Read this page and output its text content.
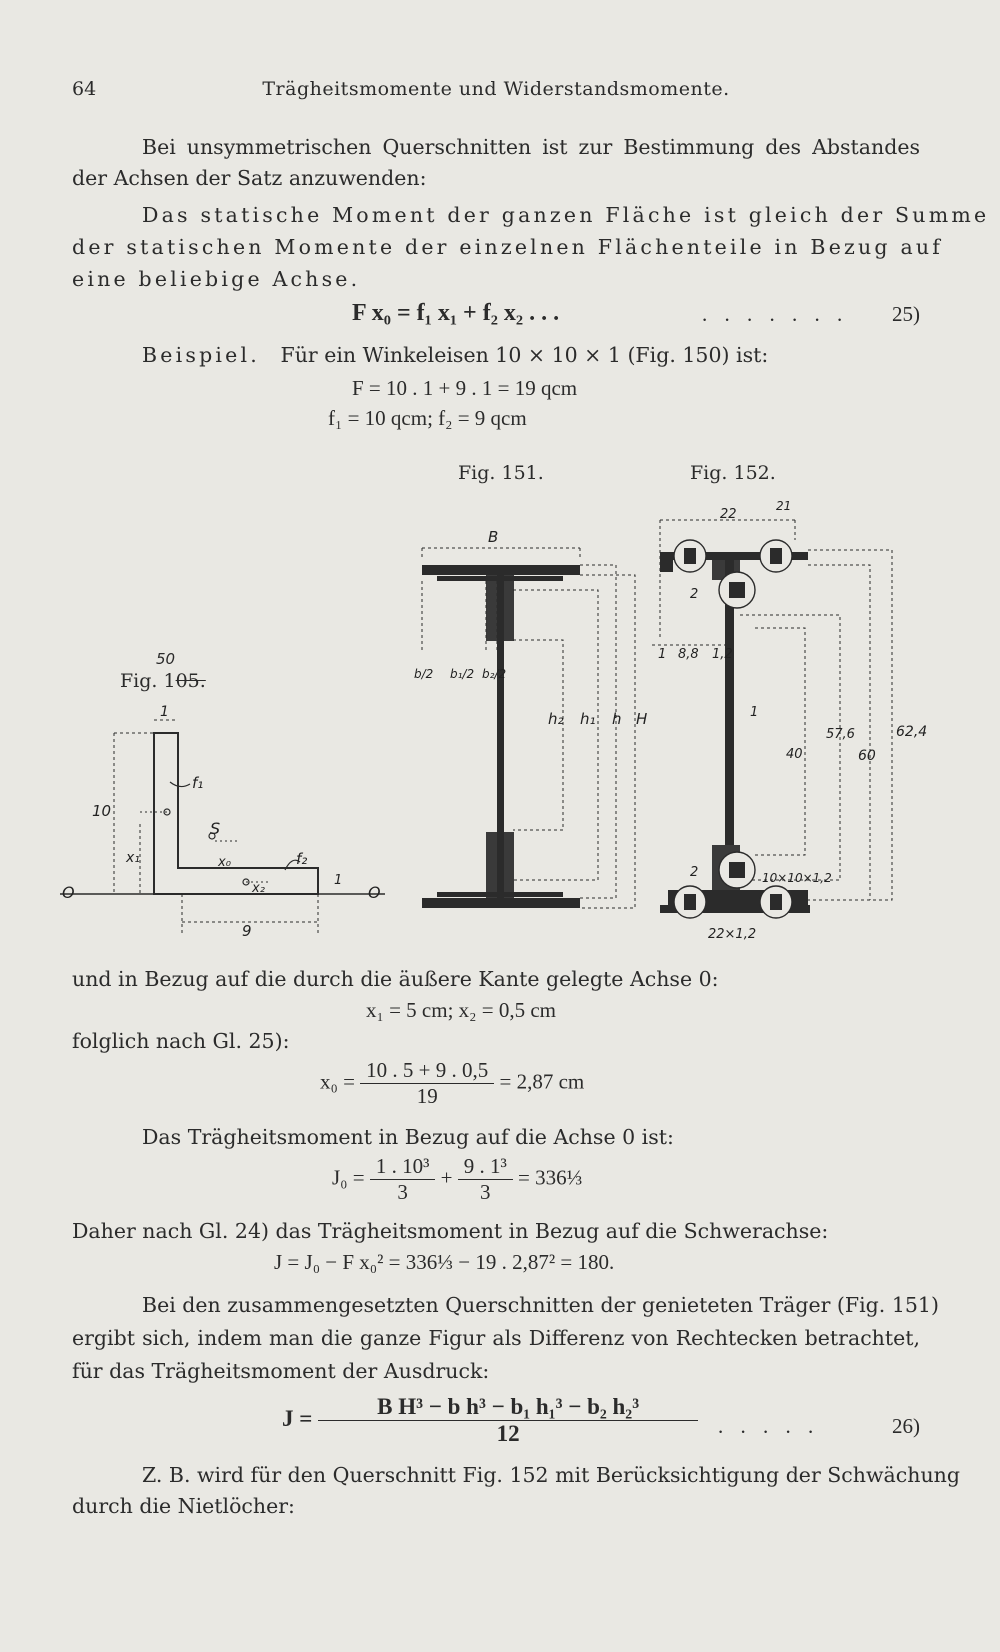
64	Trägheitsmomente und Widerstandsmomente.
Bei unsymmetrischen Querschnitten ist zur Bestimmung des Abstandes
der Achsen der Satz anzuwenden:
Das statische Moment der ganzen Fläche ist gleich der Summe
der statischen Momente der einzelnen Flächenteile in Bezug auf
eine beliebige Achse.
F x₀ = f₁ x₁ + f₂ x₂ . . .	. . . . . . . 25)
Beispiel. Für ein Winkeleisen 10 × 10 × 1 (Fig. 150) ist:
F = 10 . 1 + 9 . 1 = 19 qcm
f₁ = 10 qcm; f₂ = 9 qcm
Fig. 151.	Fig. 152.
Fig. 105.
50
1
f₁
10
x₁
S
x₀	f₂
x₂
1
O	O
9
B
b/2 b₁/2 b₂/2
h₂ h₁ h H
22
21
2
1 8,8 1,2
1
40
57,6
60
62,4
10×10×1,2
2
22×1,2
und in Bezug auf die durch die äußere Kante gelegte Achse 0:
x₁ = 5 cm; x₂ = 0,5 cm
folglich nach Gl. 25):
$x_0 = \frac{10 . 5 + 9 . 0,5}{19} = 2,87$ cm
Das Trägheitsmoment in Bezug auf die Achse 0 ist:
$J_0 = \frac{\text{1 . 10³}}{3} + \frac{\text{9 . 1³}}{3}$ = 336⅓
Daher nach Gl. 24) das Trägheitsmoment in Bezug auf die Schwerachse:
J = J₀ − F x₀² = 336⅓ − 19 . 2,87² = 180.
Bei den zusammengesetzten Querschnitten der genieteten Träger (Fig. 151)
ergibt sich, indem man die ganze Figur als Differenz von Rechtecken betrachtet,
für das Trägheitsmoment der Ausdruck:
$J = \frac{\text{B H³ − b h³ − b₁ h₁³ − b₂ h₂³}}{12}$ . . . . .	26)
Z. B. wird für den Querschnitt Fig. 152 mit Berücksichtigung der Schwächung
durch die Nietlöcher:
